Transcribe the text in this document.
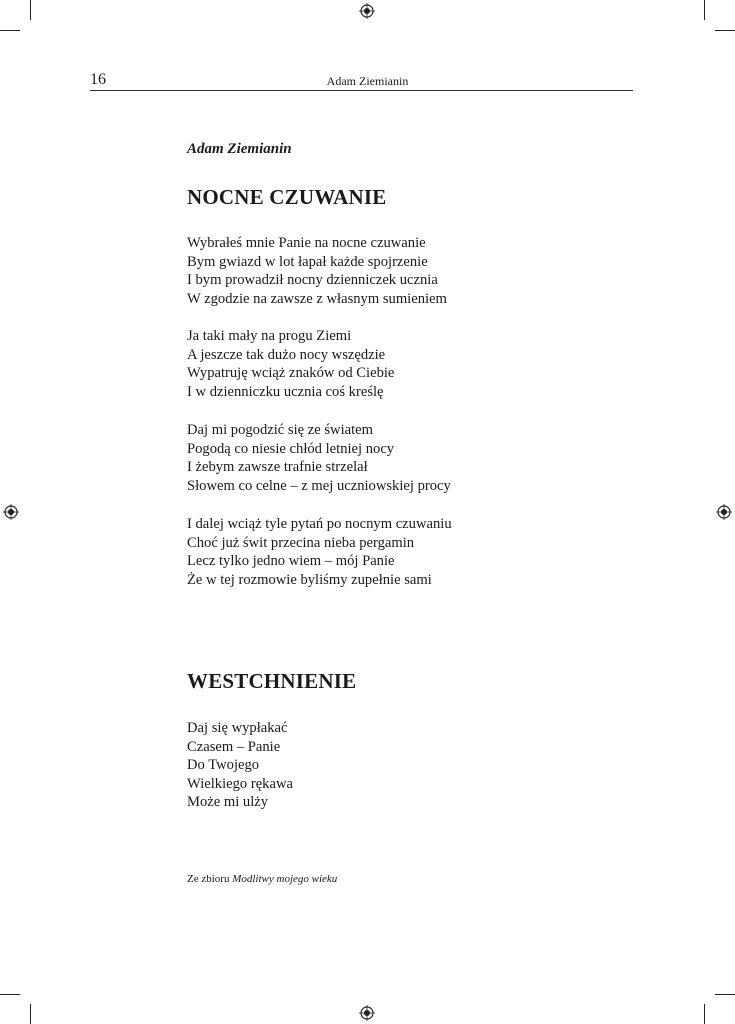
16	Adam Ziemianin
Adam Ziemianin
NOCNE CZUWANIE
Wybrałeś mnie Panie na nocne czuwanie
Bym gwiazd w lot łapał każde spojrzenie
I bym prowadził nocny dzienniczek ucznia
W zgodzie na zawsze z własnym sumieniem
Ja taki mały na progu Ziemi
A jeszcze tak dużo nocy wszędzie
Wypatruję wciąż znaków od Ciebie
I w dzienniczku ucznia coś kreślę
Daj mi pogodzić się ze światem
Pogodą co niesie chłód letniej nocy
I żebym zawsze trafnie strzelał
Słowem co celne – z mej uczniowskiej procy
I dalej wciąż tyle pytań po nocnym czuwaniu
Choć już świt przecina nieba pergamin
Lecz tylko jedno wiem – mój Panie
Że w tej rozmowie byliśmy zupełnie sami
WESTCHNIENIE
Daj się wypłakać
Czasem – Panie
Do Twojego
Wielkiego rękawa
Może mi ulży
Ze zbioru Modlitwy mojego wieku
